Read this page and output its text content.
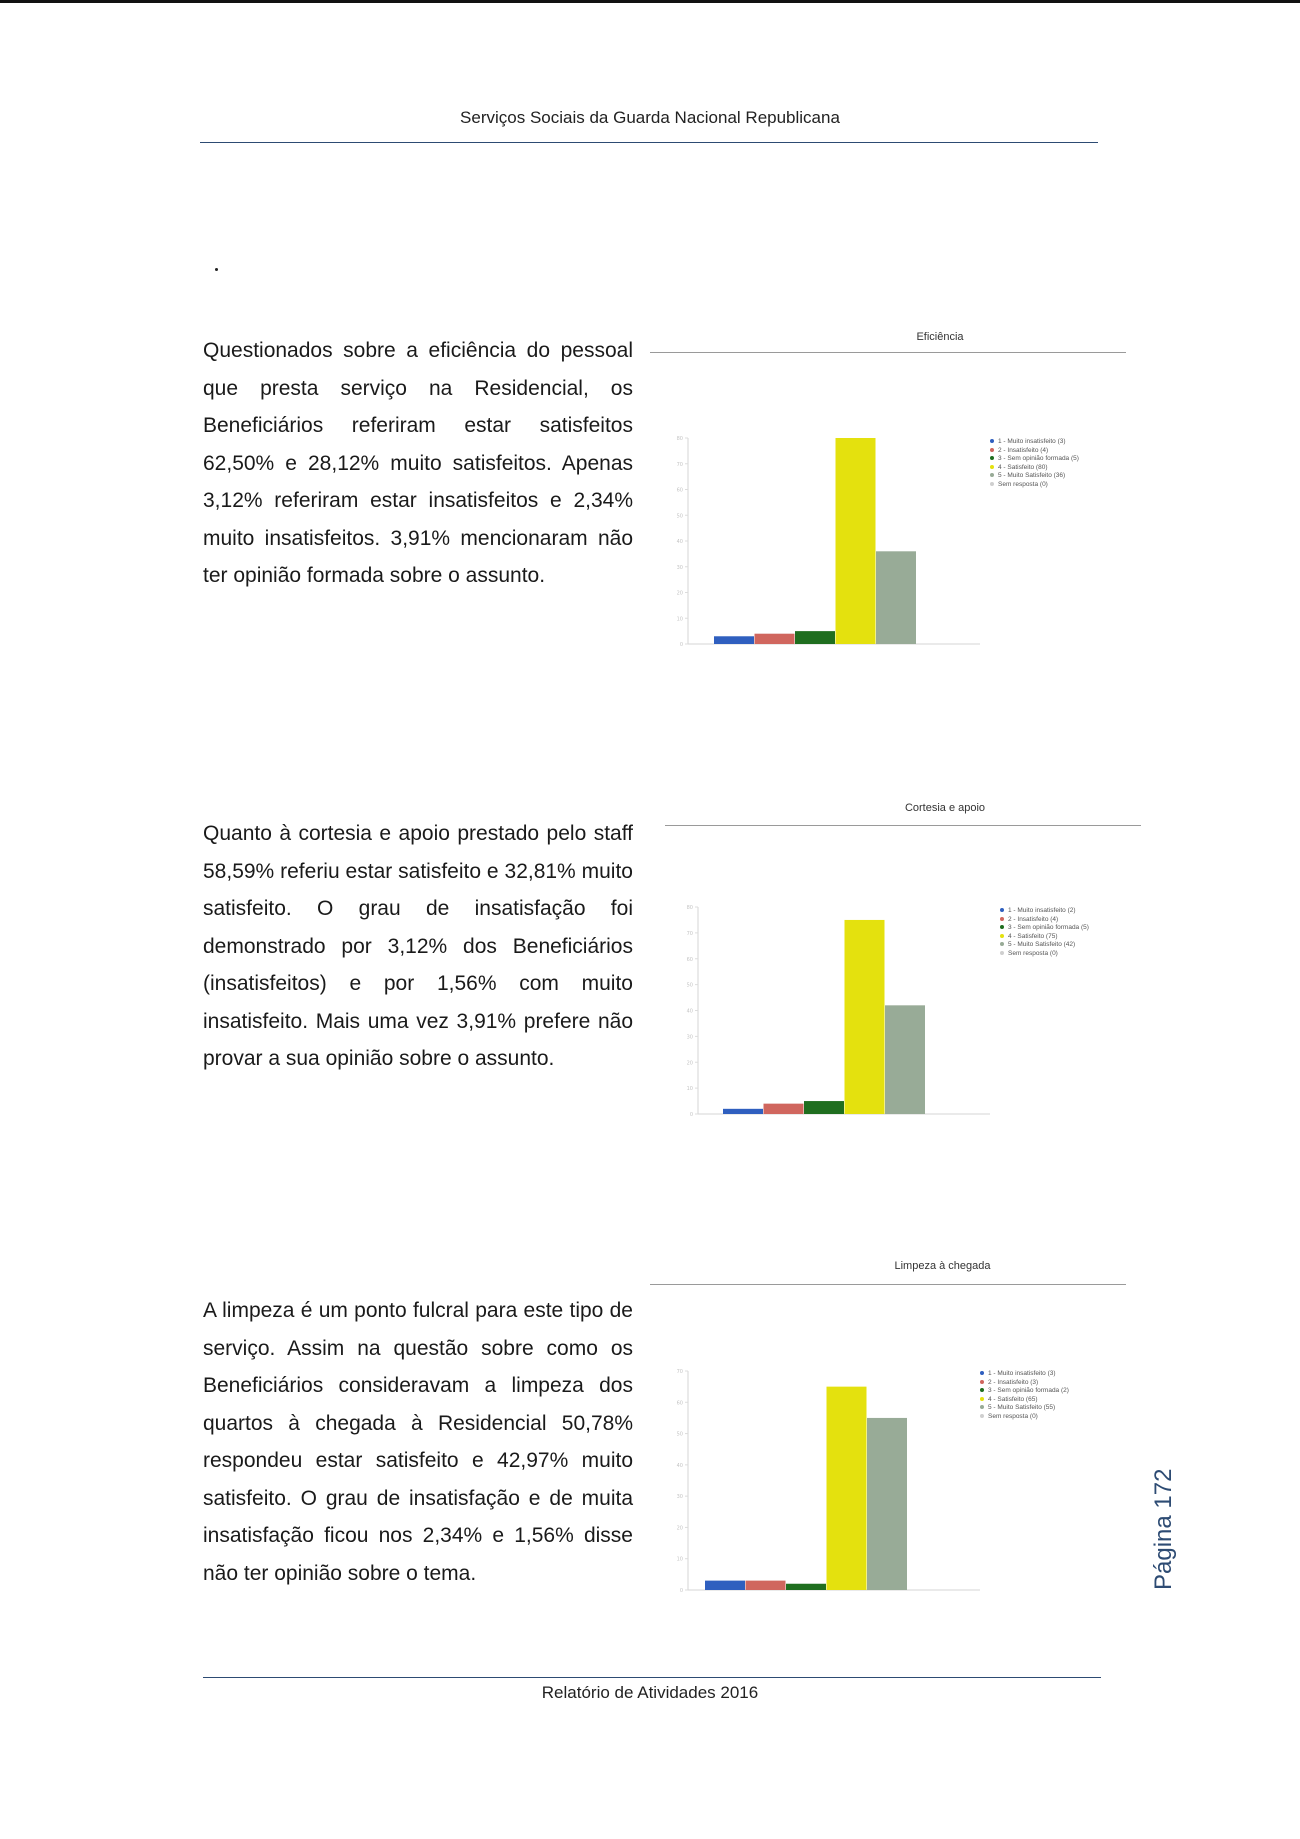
Serviços Sociais da Guarda Nacional Republicana
Questionados sobre a eficiência do pessoal que presta serviço na Residencial, os Beneficiários referiram estar satisfeitos 62,50% e 28,12% muito satisfeitos. Apenas 3,12% referiram estar insatisfeitos e 2,34% muito insatisfeitos. 3,91% mencionaram não ter opinião formada sobre o assunto.
Eficiência
80
70
60
50
40
30
20
10
0
1 - Muito insatisfeito (3)
2 - Insatisfeito (4)
3 - Sem opinião formada (5)
4 - Satisfeito (80)
5 - Muito Satisfeito (36)
Sem resposta (0)
Quanto à cortesia e apoio prestado pelo staff 58,59% referiu estar satisfeito e 32,81% muito satisfeito. O grau de insatisfação foi demonstrado por 3,12% dos Beneficiários (insatisfeitos) e por 1,56% com muito insatisfeito. Mais uma vez 3,91% prefere não provar a sua opinião sobre o assunto.
Cortesia e apoio
80
70
60
50
40
30
20
10
0
1 - Muito insatisfeito (2)
2 - Insatisfeito (4)
3 - Sem opinião formada (5)
4 - Satisfeito (75)
5 - Muito Satisfeito (42)
Sem resposta (0)
A limpeza é um ponto fulcral para este tipo de serviço. Assim na questão sobre como os Beneficiários consideravam a limpeza dos quartos à chegada à Residencial 50,78% respondeu estar satisfeito e 42,97% muito satisfeito. O grau de insatisfação e de muita insatisfação ficou nos 2,34% e 1,56% disse não ter opinião sobre o tema.
Limpeza à chegada
70
60
50
40
30
20
10
0
1 - Muito insatisfeito (3)
2 - Insatisfeito (3)
3 - Sem opinião formada (2)
4 - Satisfeito (65)
5 - Muito Satisfeito (55)
Sem resposta (0)
Relatório de Atividades 2016
Página 172
